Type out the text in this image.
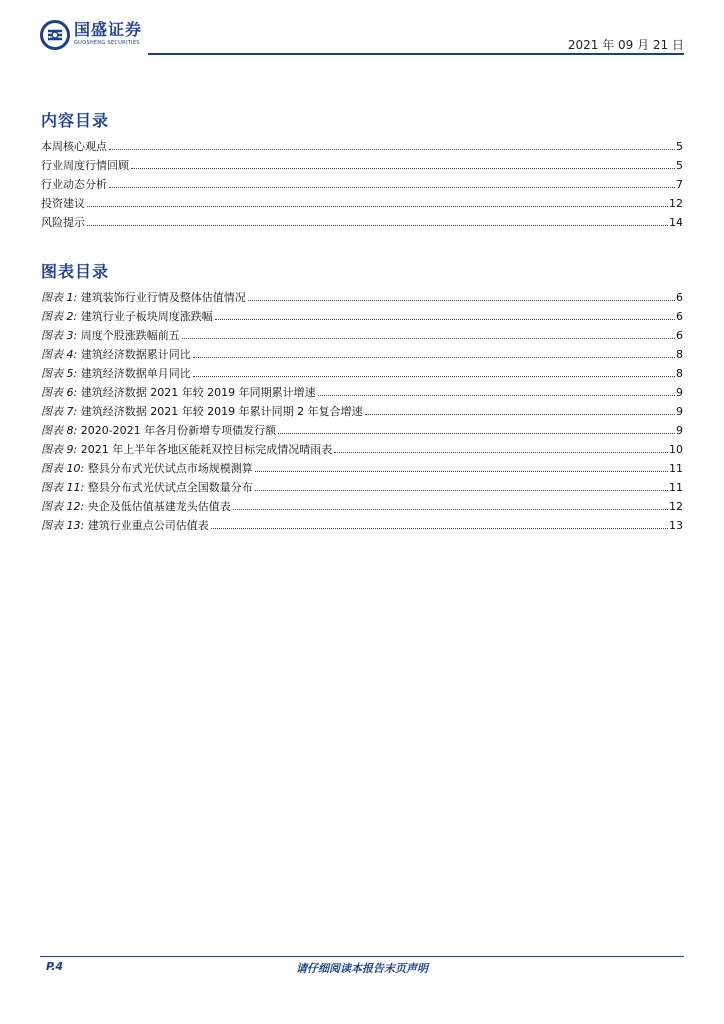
国盛证券
GUOSHENG SECURITIES	2021 年 09 月 21 日
内容目录
本周核心观点	5
行业周度行情回顾	5
行业动态分析	7
投资建议	12
风险提示	14
图表目录
图表 1: 建筑装饰行业行情及整体估值情况	6
图表 2: 建筑行业子板块周度涨跌幅	6
图表 3: 周度个股涨跌幅前五	6
图表 4: 建筑经济数据累计同比	8
图表 5: 建筑经济数据单月同比	8
图表 6: 建筑经济数据 2021 年较 2019 年同期累计增速	9
图表 7: 建筑经济数据 2021 年较 2019 年累计同期 2 年复合增速	9
图表 8: 2020-2021 年各月份新增专项债发行额	9
图表 9: 2021 年上半年各地区能耗双控目标完成情况晴雨表	10
图表 10: 整县分布式光伏试点市场规模测算	11
图表 11: 整县分布式光伏试点全国数量分布	11
图表 12: 央企及低估值基建龙头估值表	12
图表 13: 建筑行业重点公司估值表	13
P.4	请仔细阅读本报告末页声明
